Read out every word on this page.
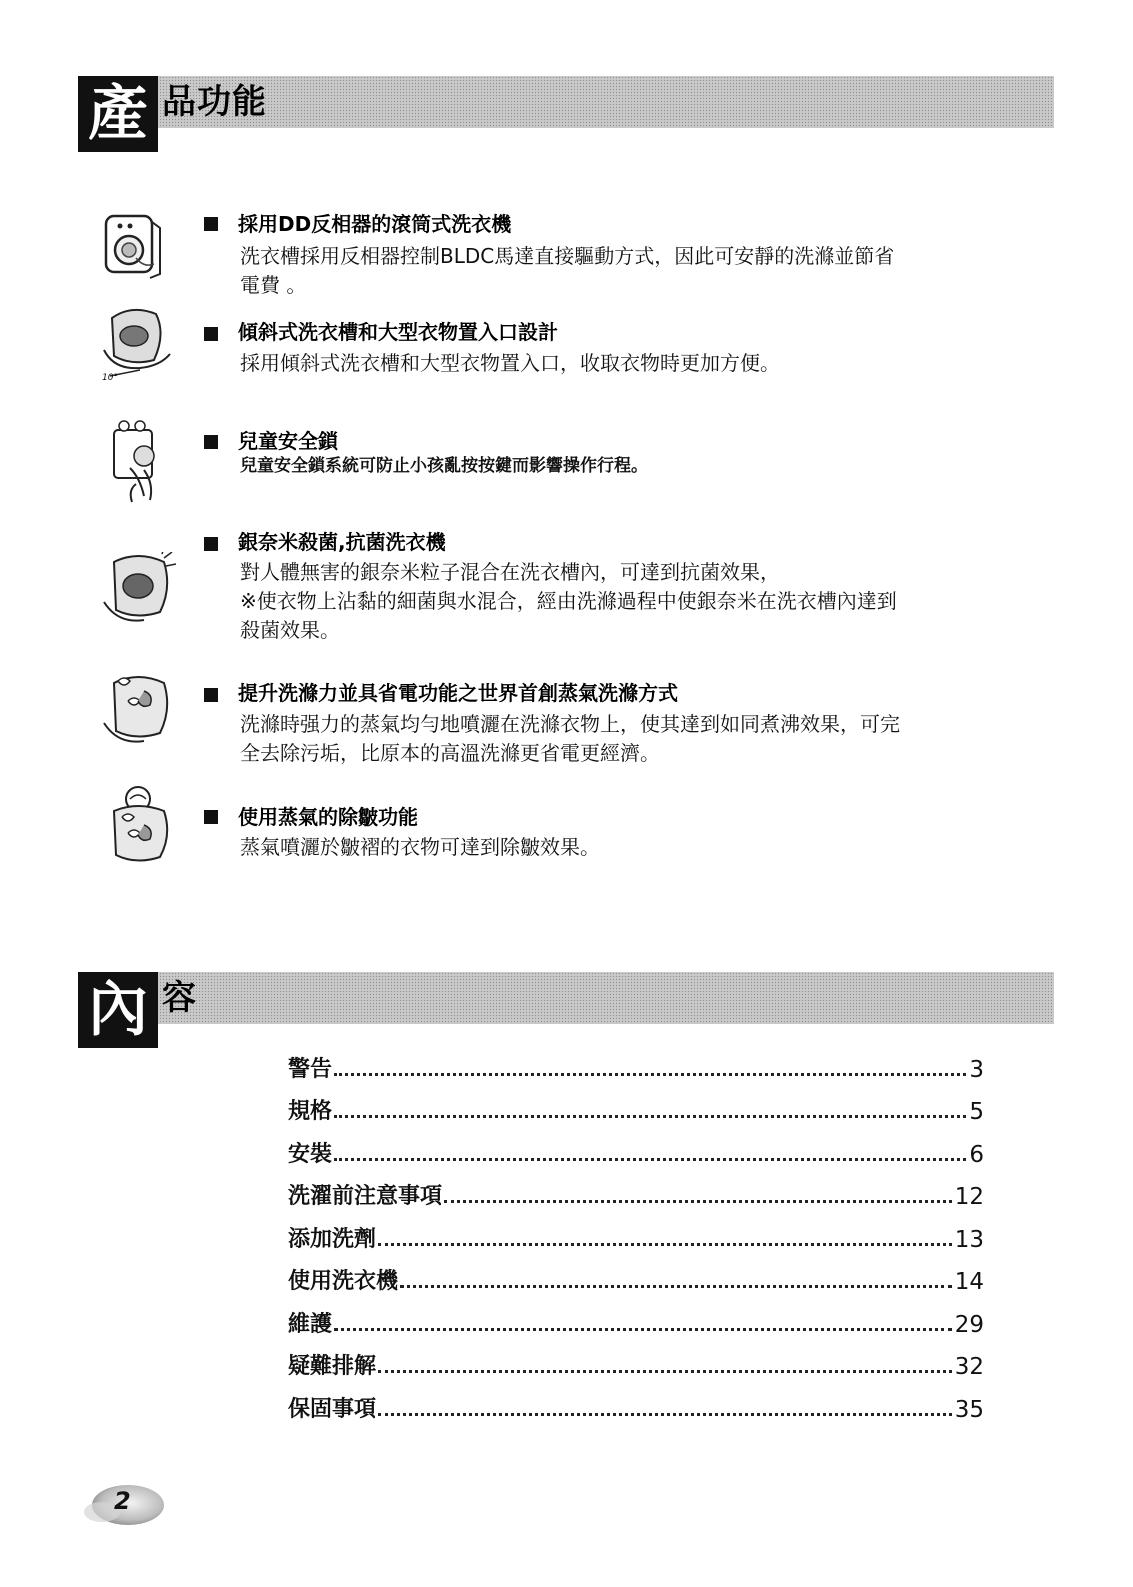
產 品功能
採用DD反相器的滾筒式洗衣機

洗衣槽採用反相器控制BLDC馬達直接驅動方式，因此可安靜的洗滌並節省

電費 。

10°
傾斜式洗衣槽和大型衣物置入口設計

採用傾斜式洗衣槽和大型衣物置入口，收取衣物時更加方便。

兒童安全鎖

兒童安全鎖系統可防止小孩亂按按鍵而影響操作行程。

銀奈米殺菌,抗菌洗衣機

對人體無害的銀奈米粒子混合在洗衣槽內，可達到抗菌效果，

※使衣物上沾黏的細菌與水混合，經由洗滌過程中使銀奈米在洗衣槽內達到

殺菌效果。

提升洗滌力並具省電功能之世界首創蒸氣洗滌方式

洗滌時强力的蒸氣均勻地噴灑在洗滌衣物上，使其達到如同煮沸效果，可完

全去除污垢，比原本的高溫洗滌更省電更經濟。

使用蒸氣的除皺功能

蒸氣噴灑於皺褶的衣物可達到除皺效果。

內 容
警告	3
規格	5
安裝	6
洗濯前注意事項	12
添加洗劑	13
使用洗衣機	14
維護	29
疑難排解	32
保固事項	35
2
